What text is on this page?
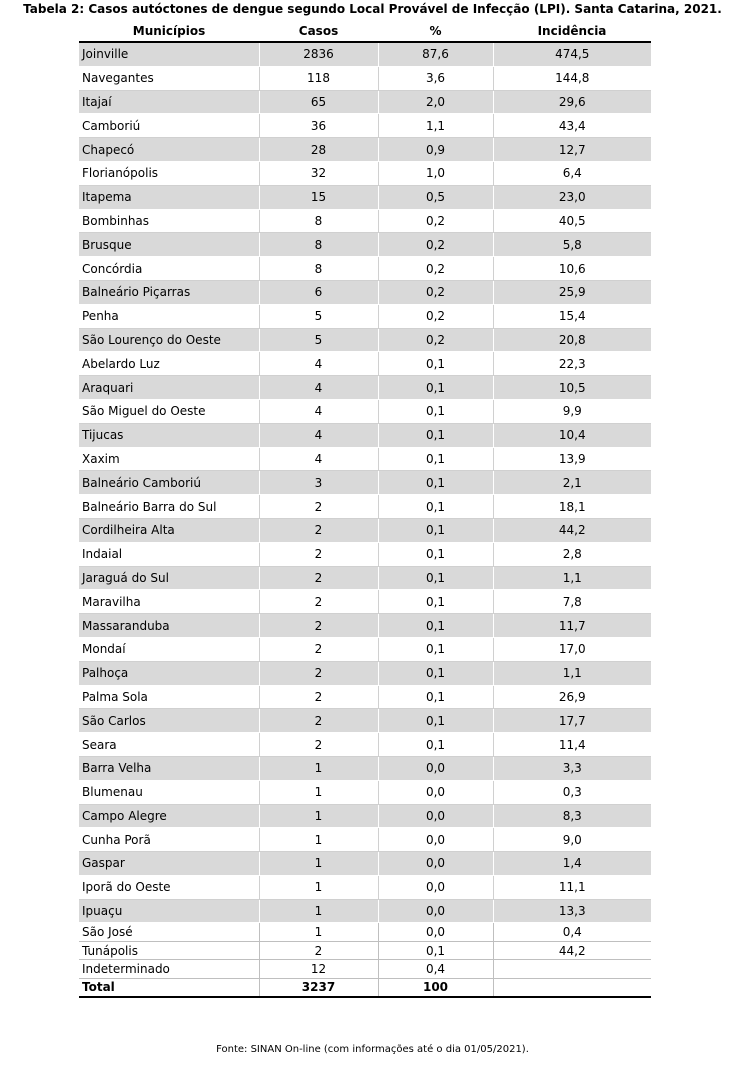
Tabela 2: Casos autóctones de dengue segundo Local Provável de Infecção (LPI). Santa Catarina, 2021.
Municípios	Casos	%	Incidência
Joinville	2836	87,6	474,5
Navegantes	118	3,6	144,8
Itajaí	65	2,0	29,6
Camboriú	36	1,1	43,4
Chapecó	28	0,9	12,7
Florianópolis	32	1,0	6,4
Itapema	15	0,5	23,0
Bombinhas	8	0,2	40,5
Brusque	8	0,2	5,8
Concórdia	8	0,2	10,6
Balneário Piçarras	6	0,2	25,9
Penha	5	0,2	15,4
São Lourenço do Oeste	5	0,2	20,8
Abelardo Luz	4	0,1	22,3
Araquari	4	0,1	10,5
São Miguel do Oeste	4	0,1	9,9
Tijucas	4	0,1	10,4
Xaxim	4	0,1	13,9
Balneário Camboriú	3	0,1	2,1
Balneário Barra do Sul	2	0,1	18,1
Cordilheira Alta	2	0,1	44,2
Indaial	2	0,1	2,8
Jaraguá do Sul	2	0,1	1,1
Maravilha	2	0,1	7,8
Massaranduba	2	0,1	11,7
Mondaí	2	0,1	17,0
Palhoça	2	0,1	1,1
Palma Sola	2	0,1	26,9
São Carlos	2	0,1	17,7
Seara	2	0,1	11,4
Barra Velha	1	0,0	3,3
Blumenau	1	0,0	0,3
Campo Alegre	1	0,0	8,3
Cunha Porã	1	0,0	9,0
Gaspar	1	0,0	1,4
Iporã do Oeste	1	0,0	11,1
Ipuaçu	1	0,0	13,3
São José	1	0,0	0,4
Tunápolis	2	0,1	44,2
Indeterminado	12	0,4	
Total	3237	100	
Fonte: SINAN On-line (com informações até o dia 01/05/2021).
